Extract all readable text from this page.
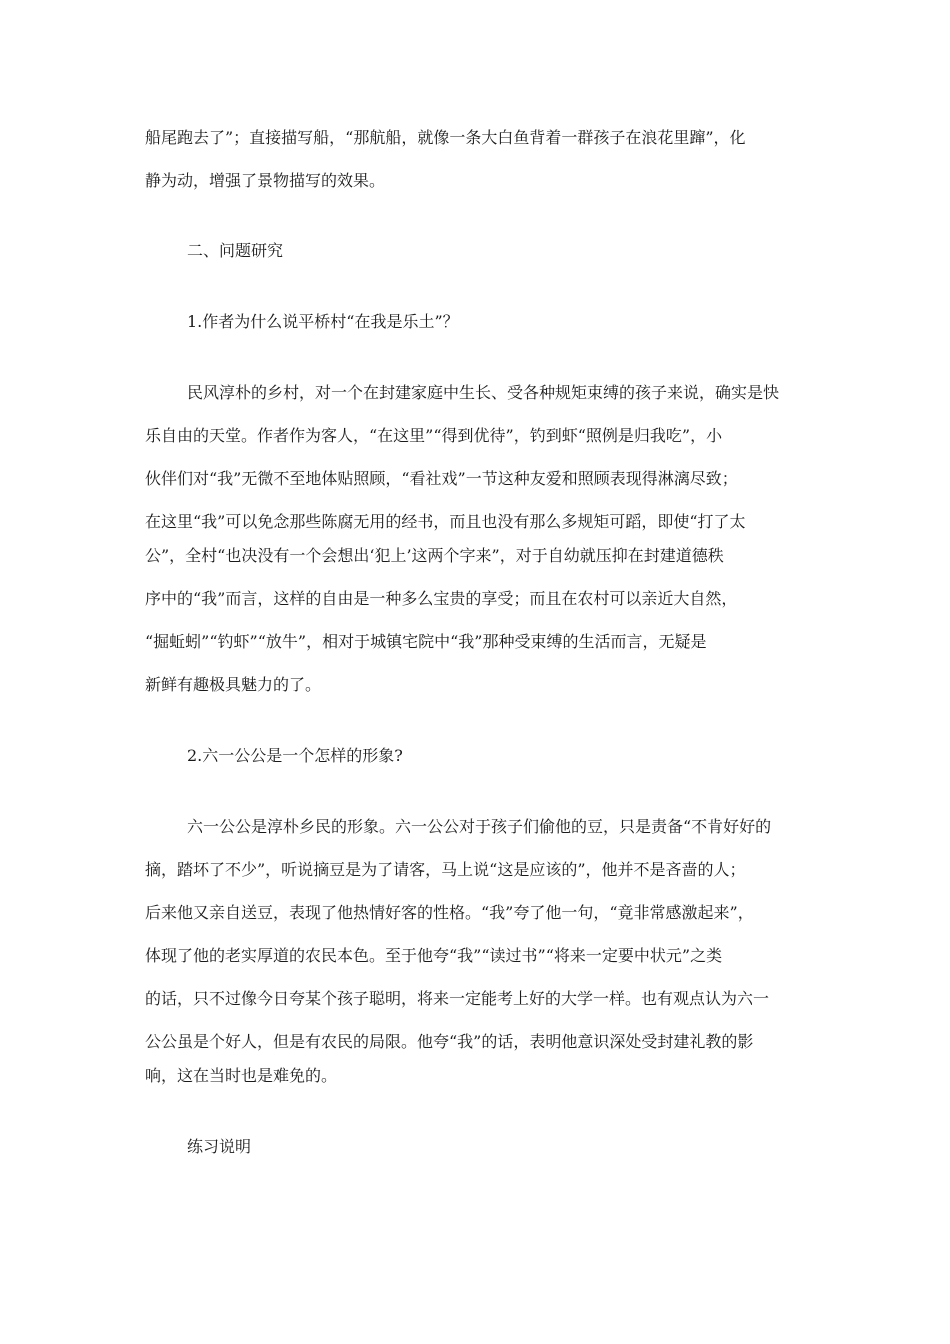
船尾跑去了”；直接描写船，“那航船，就像一条大白鱼背着一群孩子在浪花里蹿”，化

静为动，增强了景物描写的效果。

二、问题研究

1.作者为什么说平桥村“在我是乐土”？

民风淳朴的乡村，对一个在封建家庭中生长、受各种规矩束缚的孩子来说，确实是快

乐自由的天堂。作者作为客人，“在这里”“得到优待”，钓到虾“照例是归我吃”，小

伙伴们对“我”无微不至地体贴照顾，“看社戏”一节这种友爱和照顾表现得淋漓尽致；

在这里“我”可以免念那些陈腐无用的经书，而且也没有那么多规矩可蹈，即使“打了太

公”，全村“也决没有一个会想出‘犯上’这两个字来”，对于自幼就压抑在封建道德秩

序中的“我”而言，这样的自由是一种多么宝贵的享受；而且在农村可以亲近大自然，

“掘蚯蚓”“钓虾”“放牛”，相对于城镇宅院中“我”那种受束缚的生活而言，无疑是

新鲜有趣极具魅力的了。

2.六一公公是一个怎样的形象?

六一公公是淳朴乡民的形象。六一公公对于孩子们偷他的豆，只是责备“不肯好好的

摘，踏坏了不少”，听说摘豆是为了请客，马上说“这是应该的”，他并不是吝啬的人；

后来他又亲自送豆，表现了他热情好客的性格。“我”夸了他一句，“竟非常感激起来”，

体现了他的老实厚道的农民本色。至于他夸“我”“读过书”“将来一定要中状元”之类

的话，只不过像今日夸某个孩子聪明，将来一定能考上好的大学一样。也有观点认为六一

公公虽是个好人，但是有农民的局限。他夸“我”的话，表明他意识深处受封建礼教的影

响，这在当时也是难免的。

练习说明
